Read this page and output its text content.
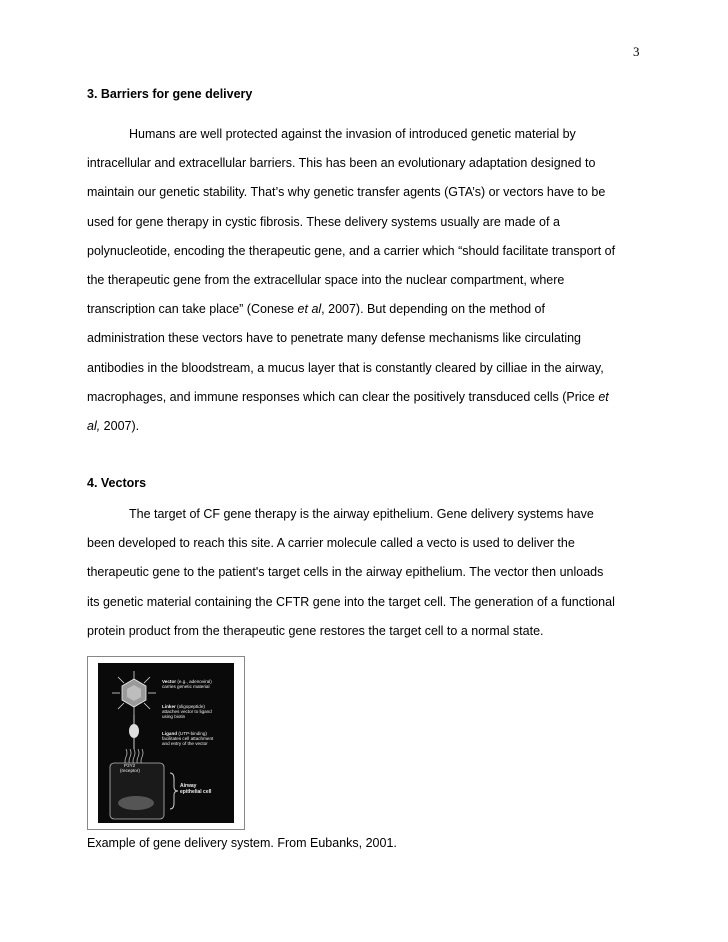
3
3. Barriers for gene delivery

Humans are well protected against the invasion of introduced genetic material by
intracellular and extracellular barriers. This has been an evolutionary adaptation designed to
maintain our genetic stability. That’s why genetic transfer agents (GTA’s) or vectors have to be
used for gene therapy in cystic fibrosis. These delivery systems usually are made of a
polynucleotide, encoding the therapeutic gene, and a carrier which “should facilitate transport of
the therapeutic gene from the extracellular space into the nuclear compartment, where
transcription can take place” (Conese et al, 2007). But depending on the method of
administration these vectors have to penetrate many defense mechanisms like circulating
antibodies in the bloodstream, a mucus layer that is constantly cleared by cilliae in the airway,
macrophages, and immune responses which can clear the positively transduced cells (Price et
al, 2007).

4. Vectors

The target of CF gene therapy is the airway epithelium. Gene delivery systems have
been developed to reach this site. A carrier molecule called a vecto is used to deliver the
therapeutic gene to the patient's target cells in the airway epithelium. The vector then unloads
its genetic material containing the CFTR gene into the target cell. The generation of a functional
protein product from the therapeutic gene restores the target cell to a normal state.

Vector (e.g., adenoviral)
carries genetic material
Linker (oligopeptide)
attaches vector to ligand
using biotin
Ligand (UTP-binding)
facilitates cell attachment
and entry of the vector
P2Y2
(receptor)
Airway
epithelial cell
Example of gene delivery system. From Eubanks, 2001.
